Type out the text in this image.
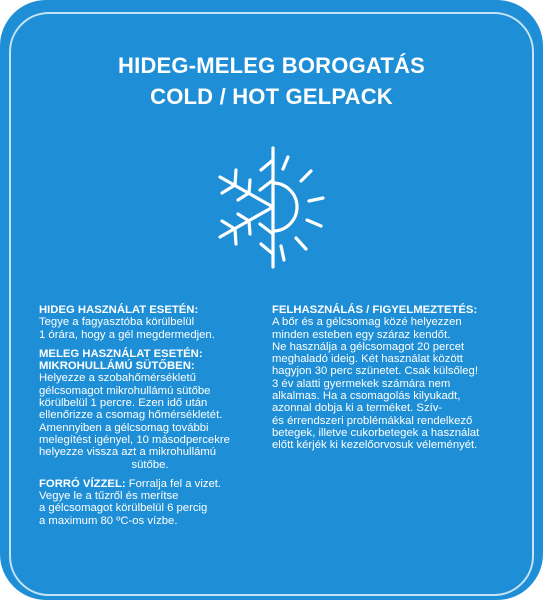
HIDEG-MELEG BOROGATÁS
COLD / HOT GELPACK
HIDEG HASZNÁLAT ESETÉN:
Tegye a fagyasztóba körülbelül
1 órára, hogy a gél megdermedjen.
MELEG HASZNÁLAT ESETÉN:
MIKROHULLÁMÚ SÜTŐBEN:
Helyezze a szobahőmérsékletű
gélcsomagot mikrohullámú sütőbe
körülbelül 1 percre. Ezen idő után
ellenőrizze a csomag hőmérsékletét.
Amennyiben a gélcsomag további
melegítést igényel, 10 másodpercekre
helyezze vissza azt a mikrohullámú
sütőbe.
FORRÓ VÍZZEL: Forralja fel a vizet.
Vegye le a tűzről és merítse
a gélcsomagot körülbelül 6 percig
a maximum 80 ºC-os vízbe.
FELHASZNÁLÁS / FIGYELMEZTETÉS:
A bőr és a gélcsomag közé helyezzen
minden esteben egy száraz kendőt.
Ne használja a gélcsomagot 20 percet
meghaladó ideig. Két használat között
hagyjon 30 perc szünetet. Csak külsőleg!
3 év alatti gyermekek számára nem
alkalmas. Ha a csomagolás kilyukadt,
azonnal dobja ki a terméket. Szív-
és érrendszeri problémákkal rendelkező
betegek, illetve cukorbetegek a használat
előtt kérjék ki kezelőorvosuk véleményét.
